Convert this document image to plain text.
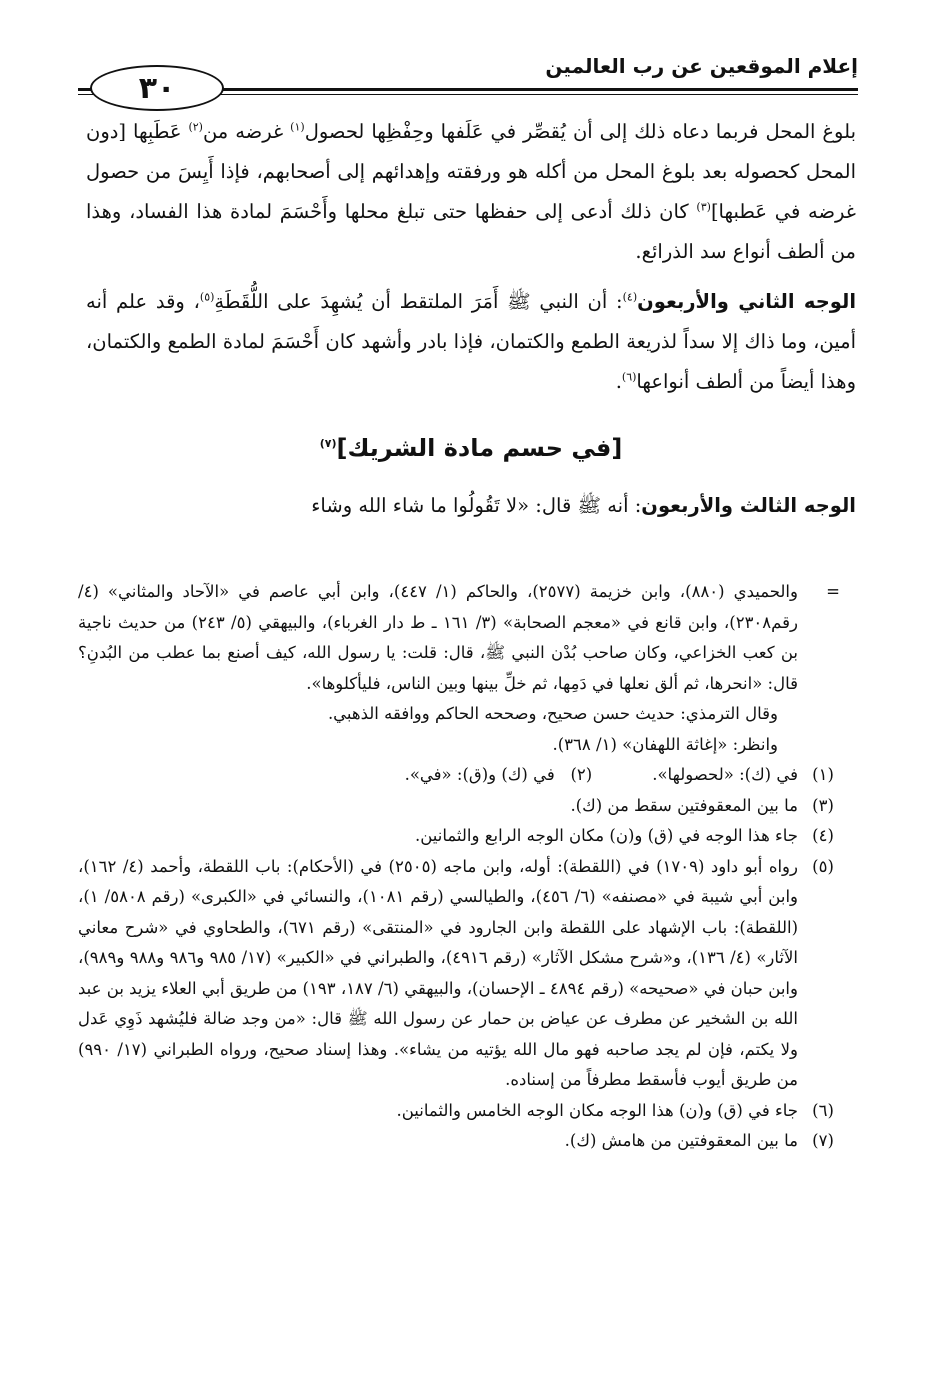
إعلام الموقعين عن رب العالمين
٣٠

بلوغ المحل فربما دعاه ذلك إلى أن يُقصِّر في عَلَفها وحِفْظِها لحصول$^{(١)}$ غرضه من$^{(٢)}$ عَطَبِها [دون المحل كحصوله بعد بلوغ المحل من أكله هو ورفقته وإهدائهم إلى أصحابهم، فإذا أَيِسَ من حصول غرضه في عَطبها]$^{(٣)}$ كان ذلك أدعى إلى حفظها حتى تبلغ محلها وأَحْسَمَ لمادة هذا الفساد، وهذا من ألطف أنواع سد الذرائع.

الوجه الثاني والأربعون$^{(٤)}$: أن النبي ﷺ أَمَرَ الملتقط أن يُشهِدَ على اللُّقَطَةِ$^{(٥)}$، وقد علم أنه أمين، وما ذاك إلا سداً لذريعة الطمع والكتمان، فإذا بادر وأشهد كان أَحْسَمَ لمادة الطمع والكتمان، وهذا أيضاً من ألطف أنواعها$^{(٦)}$.

[في حسم مادة الشريك]$^{(٧)}$

الوجه الثالث والأربعون: أنه ﷺ قال: «لا تَقُولُوا ما شاء الله وشاء

=
والحميدي (٨٨٠)، وابن خزيمة (٢٥٧٧)، والحاكم (١/ ٤٤٧)، وابن أبي عاصم في «الآحاد والمثاني» (٤/رقم٢٣٠٨)، وابن قانع في «معجم الصحابة» (٣/ ١٦١ ـ ط دار الغرباء)، والبيهقي (٥/ ٢٤٣) من حديث ناجية بن كعب الخزاعي، وكان صاحب بُدْن النبي ﷺ، قال: قلت: يا رسول الله، كيف أصنع بما عطب من البُدنِ؟ قال: «انحرها، ثم ألق نعلها في دَمِها، ثم خلِّ بينها وبين الناس، فليأكلوها».

وقال الترمذي: حديث حسن صحيح، وصححه الحاكم ووافقه الذهبي.

وانظر: «إغاثة اللهفان» (١/ ٣٦٨).

(١)
في (ك): «لحصولها».(٢)   في (ك) و(ق): «في».
(٣)
ما بين المعقوفتين سقط من (ك).
(٤)
جاء هذا الوجه في (ق) و(ن) مكان الوجه الرابع والثمانين.
(٥)
رواه أبو داود (١٧٠٩) في (اللقطة): أوله، وابن ماجه (٢٥٠٥) في (الأحكام): باب اللقطة، وأحمد (٤/ ١٦٢)، وابن أبي شيبة في «مصنفه» (٦/ ٤٥٦)، والطيالسي (رقم ١٠٨١)، والنسائي في «الكبرى» (رقم ٥٨٠٨/ ١)، (اللقطة): باب الإشهاد على اللقطة وابن الجارود في «المنتقى» (رقم ٦٧١)، والطحاوي في «شرح معاني الآثار» (٤/ ١٣٦)، و«شرح مشكل الآثار» (رقم ٤٩١٦)، والطبراني في «الكبير» (١٧/ ٩٨٥ و٩٨٦ و٩٨٨ و٩٨٩)، وابن حبان في «صحيحه» (رقم ٤٨٩٤ ـ الإحسان)، والبيهقي (٦/ ١٨٧، ١٩٣) من طريق أبي العلاء يزيد بن عبد الله بن الشخير عن مطرف عن عياض بن حمار عن رسول الله ﷺ قال: «من وجد ضالة فليُشهد ذَوِي عَدل ولا يكتم، فإن لم يجد صاحبه فهو مال الله يؤتيه من يشاء». وهذا إسناد صحيح، ورواه الطبراني (١٧/ ٩٩٠) من طريق أيوب فأسقط مطرفاً من إسناده.
(٦)
جاء في (ق) و(ن) هذا الوجه مكان الوجه الخامس والثمانين.
(٧)
ما بين المعقوفتين من هامش (ك).
